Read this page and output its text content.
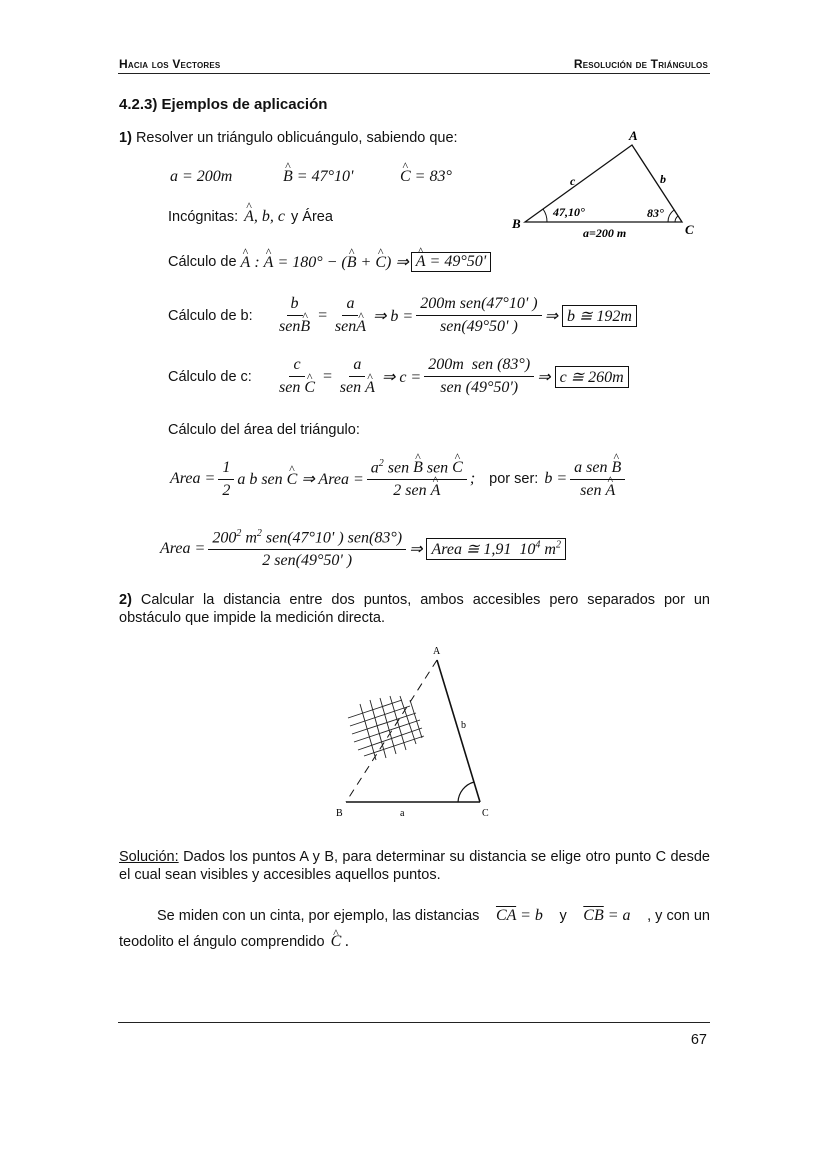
Hacia los Vectores	Resolución de Triángulos
4.2.3) Ejemplos de aplicación
1) Resolver un triángulo oblicuángulo, sabiendo que:
a = 200m	^ B = 47°10'	^ C = 83°
Incógnitas: ^ A, b, c y Área
A
B	C
c	b
47,10°	83°
a=200 m
Cálculo de ^ A : ^ A = 180° − (^ B + ^ C) ⇒ ^ A = 49°50'
Cálculo de b:	$\frac{b}{\text{sen\textasciicircum{} B}} = \frac{a}{\text{sen\textasciicircum{} A}}$ ⇒ $b = \frac{\text{200m sen(47°10' )}}{\text{sen(49°50' )}}$ ⇒ b ≅ 192m
Cálculo de c:	$\frac{c}{\text{sen \textasciicircum{} C}} = \frac{a}{\text{sen \textasciicircum{} A}}$ ⇒ $c = \frac{\text{200m  sen (83°)}}{\text{sen (49°50')}}$ ⇒ c ≅ 260m
Cálculo del área del triángulo:
Area = $\frac{1}{2}$ a b sen ^ C ⇒ Area = $\frac{a^2 sen \^{} B sen \^{} C}{\text{2 sen \textasciicircum{} A}}$ ; por ser: $b = \frac{\text{a sen \textasciicircum{} B}}{\text{sen \textasciicircum{} A}}$
Area = $\frac{200^2 m^2 sen(47^\circ 10' ) sen(83^\circ)}{\text{2 sen(49°50' )}}$ ⇒ Area ≅ 1,91  $10^4$ $m^2$
2) Calcular la distancia entre dos puntos, ambos accesibles pero separados por un obstáculo que impide la medición directa.
A
B	C
a
b
Solución: Dados los puntos A y B, para determinar su distancia se elige otro punto C desde el cual sean visibles y accesibles aquellos puntos.
Se miden con un cinta, por ejemplo, las distancias $\overline{CA} = b$ y $\overline{CB} = a$ , y con un
teodolito el ángulo comprendido ^ C .
67
